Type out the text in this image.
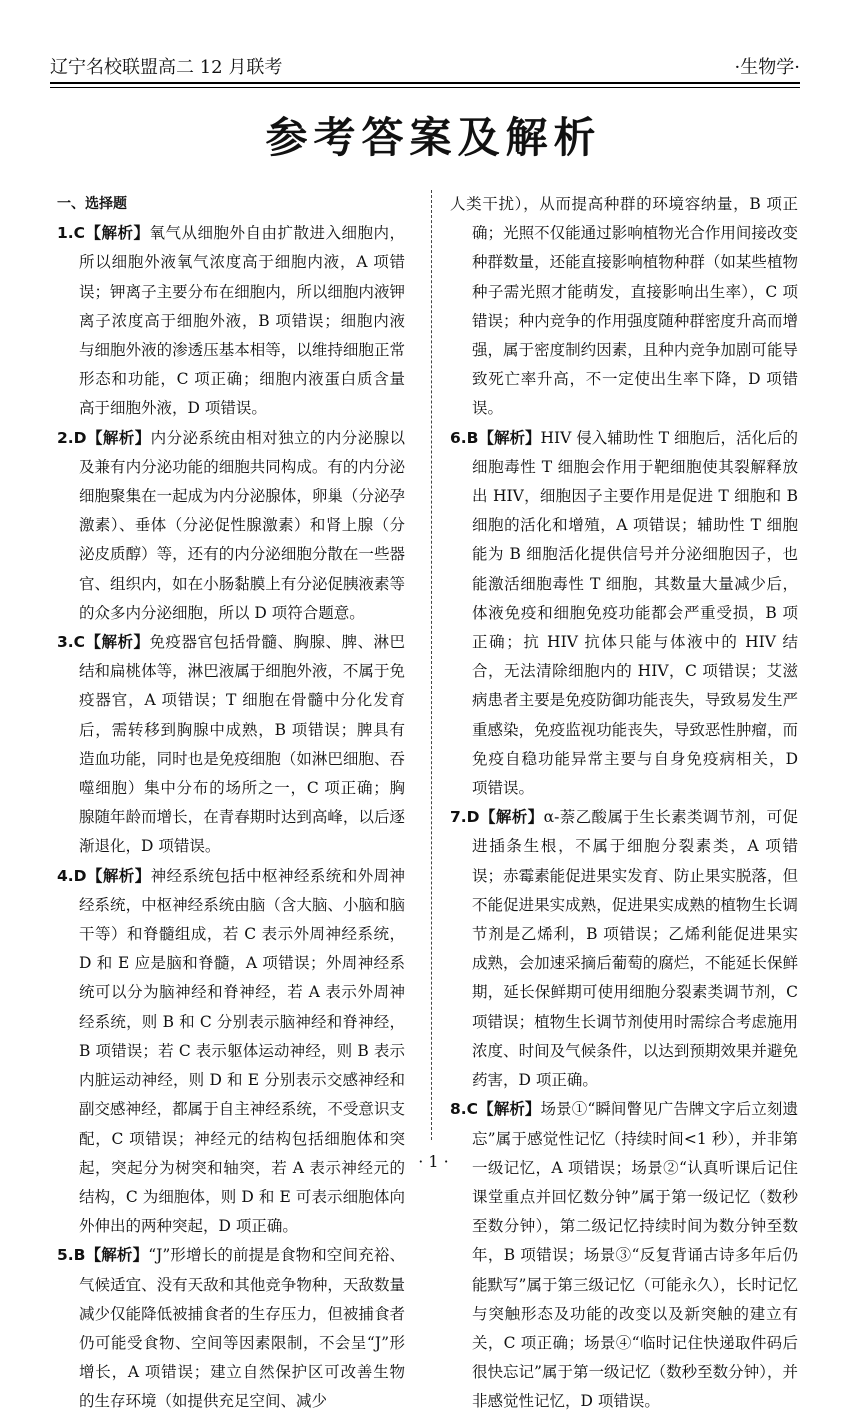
辽宁名校联盟高二 12 月联考	·生物学·
参考答案及解析
一、选择题

1.C【解析】氧气从细胞外自由扩散进入细胞内，所以细胞外液氧气浓度高于细胞内液，A 项错误；钾离子主要分布在细胞内，所以细胞内液钾离子浓度高于细胞外液，B 项错误；细胞内液与细胞外液的渗透压基本相等，以维持细胞正常形态和功能，C 项正确；细胞内液蛋白质含量高于细胞外液，D 项错误。

2.D【解析】内分泌系统由相对独立的内分泌腺以及兼有内分泌功能的细胞共同构成。有的内分泌细胞聚集在一起成为内分泌腺体，卵巢（分泌孕激素）、垂体（分泌促性腺激素）和肾上腺（分泌皮质醇）等，还有的内分泌细胞分散在一些器官、组织内，如在小肠黏膜上有分泌促胰液素等的众多内分泌细胞，所以 D 项符合题意。

3.C【解析】免疫器官包括骨髓、胸腺、脾、淋巴结和扁桃体等，淋巴液属于细胞外液，不属于免疫器官，A 项错误；T 细胞在骨髓中分化发育后，需转移到胸腺中成熟，B 项错误；脾具有造血功能，同时也是免疫细胞（如淋巴细胞、吞噬细胞）集中分布的场所之一，C 项正确；胸腺随年龄而增长，在青春期时达到高峰，以后逐渐退化，D 项错误。

4.D【解析】神经系统包括中枢神经系统和外周神经系统，中枢神经系统由脑（含大脑、小脑和脑干等）和脊髓组成，若 C 表示外周神经系统，D 和 E 应是脑和脊髓，A 项错误；外周神经系统可以分为脑神经和脊神经，若 A 表示外周神经系统，则 B 和 C 分别表示脑神经和脊神经，B 项错误；若 C 表示躯体运动神经，则 B 表示内脏运动神经，则 D 和 E 分别表示交感神经和副交感神经，都属于自主神经系统，不受意识支配，C 项错误；神经元的结构包括细胞体和突起，突起分为树突和轴突，若 A 表示神经元的结构，C 为细胞体，则 D 和 E 可表示细胞体向外伸出的两种突起，D 项正确。

5.B【解析】“J”形增长的前提是食物和空间充裕、气候适宜、没有天敌和其他竞争物种，天敌数量减少仅能降低被捕食者的生存压力，但被捕食者仍可能受食物、空间等因素限制，不会呈“J”形增长，A 项错误；建立自然保护区可改善生物的生存环境（如提供充足空间、减少

人类干扰），从而提高种群的环境容纳量，B 项正确；光照不仅能通过影响植物光合作用间接改变种群数量，还能直接影响植物种群（如某些植物种子需光照才能萌发，直接影响出生率），C 项错误；种内竞争的作用强度随种群密度升高而增强，属于密度制约因素，且种内竞争加剧可能导致死亡率升高，不一定使出生率下降，D 项错误。

6.B【解析】HIV 侵入辅助性 T 细胞后，活化后的细胞毒性 T 细胞会作用于靶细胞使其裂解释放出 HIV，细胞因子主要作用是促进 T 细胞和 B 细胞的活化和增殖，A 项错误；辅助性 T 细胞能为 B 细胞活化提供信号并分泌细胞因子，也能激活细胞毒性 T 细胞，其数量大量减少后，体液免疫和细胞免疫功能都会严重受损，B 项正确；抗 HIV 抗体只能与体液中的 HIV 结合，无法清除细胞内的 HIV，C 项错误；艾滋病患者主要是免疫防御功能丧失，导致易发生严重感染，免疫监视功能丧失，导致恶性肿瘤，而免疫自稳功能异常主要与自身免疫病相关，D 项错误。

7.D【解析】α-萘乙酸属于生长素类调节剂，可促进插条生根，不属于细胞分裂素类，A 项错误；赤霉素能促进果实发育、防止果实脱落，但不能促进果实成熟，促进果实成熟的植物生长调节剂是乙烯利，B 项错误；乙烯利能促进果实成熟，会加速采摘后葡萄的腐烂，不能延长保鲜期，延长保鲜期可使用细胞分裂素类调节剂，C 项错误；植物生长调节剂使用时需综合考虑施用浓度、时间及气候条件，以达到预期效果并避免药害，D 项正确。

8.C【解析】场景①“瞬间瞥见广告牌文字后立刻遗忘”属于感觉性记忆（持续时间<1 秒），并非第一级记忆，A 项错误；场景②“认真听课后记住课堂重点并回忆数分钟”属于第一级记忆（数秒至数分钟），第二级记忆持续时间为数分钟至数年，B 项错误；场景③“反复背诵古诗多年后仍能默写”属于第三级记忆（可能永久），长时记忆与突触形态及功能的改变以及新突触的建立有关，C 项正确；场景④“临时记住快递取件码后很快忘记”属于第一级记忆（数秒至数分钟），并非感觉性记忆，D 项错误。

· 1 ·
